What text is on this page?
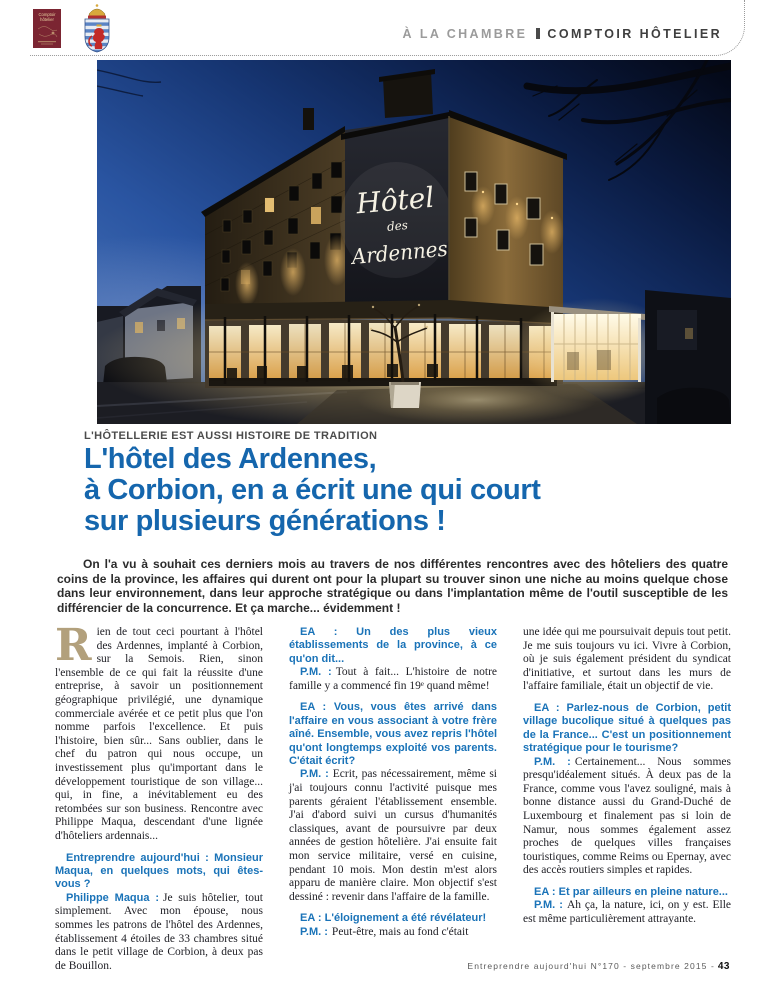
Comptoir
hôtelier
À LA CHAMBRE COMPTOIR HÔTELIER
Hôtel
des
Ardennes
L'HÔTELLERIE EST AUSSI HISTOIRE DE TRADITION
L'hôtel des Ardennes,
à Corbion, en a écrit une qui court
sur plusieurs générations !

On l'a vu à souhait ces derniers mois au travers de nos différentes rencontres avec des hôteliers des quatre coins de la province, les affaires qui durent ont pour la plupart su trouver sinon une niche au moins quelque chose dans leur environnement, dans leur approche stratégique ou dans l'implantation même de l'outil susceptible de les différencier de la concurrence. Et ça marche... évidemment !

Rien de tout ceci pourtant à l'hôtel des Ardennes, implanté à Corbion, sur la Semois. Rien, sinon l'ensemble de ce qui fait la réussite d'une entreprise, à savoir un positionnement géographique privilégié, une dynamique commerciale avérée et ce petit plus que l'on nomme parfois l'excellence. Et puis l'histoire, bien sûr... Sans oublier, dans le chef du patron qui nous occupe, un investissement plus qu'important dans le développement touristique de son village... qui, in fine, a inévitablement eu des retombées sur son business. Rencontre avec Philippe Maqua, descendant d'une lignée d'hôteliers ardennais...

Entreprendre aujourd'hui : Monsieur Maqua, en quelques mots, qui êtes-vous ?

Philippe Maqua : Je suis hôtelier, tout simplement. Avec mon épouse, nous sommes les patrons de l'hôtel des Ardennes, établissement 4 étoiles de 33 chambres situé dans le petit village de Corbion, à deux pas de Bouillon.

EA : Un des plus vieux établissements de la province, à ce qu'on dit...

P.M. : Tout à fait... L'histoire de notre famille y a commencé fin 19ᵉ quand même!

EA : Vous, vous êtes arrivé dans l'affaire en vous associant à votre frère aîné. Ensemble, vous avez repris l'hôtel qu'ont longtemps exploité vos parents. C'était écrit?

P.M. : Ecrit, pas nécessairement, même si j'ai toujours connu l'activité puisque mes parents géraient l'établissement ensemble. J'ai d'abord suivi un cursus d'humanités classiques, avant de poursuivre par deux années de gestion hôtelière. J'ai ensuite fait mon service militaire, versé en cuisine, pendant 10 mois. Mon destin m'est alors apparu de manière claire. Mon objectif s'est dessiné : revenir dans l'affaire de la famille.

EA : L'éloignement a été révélateur!

P.M. : Peut-être, mais au fond c'était

une idée qui me poursuivait depuis tout petit. Je me suis toujours vu ici. Vivre à Corbion, où je suis également président du syndicat d'initiative, et surtout dans les murs de l'affaire familiale, était un objectif de vie.

EA : Parlez-nous de Corbion, petit village bucolique situé à quelques pas de la France... C'est un positionnement stratégique pour le tourisme?

P.M. : Certainement... Nous sommes presqu'idéalement situés. À deux pas de la France, comme vous l'avez souligné, mais à bonne distance aussi du Grand-Duché de Luxembourg et finalement pas si loin de Namur, nous sommes également assez proches de quelques villes françaises touristiques, comme Reims ou Epernay, avec des accès routiers simples et rapides.

EA : Et par ailleurs en pleine nature...

P.M. : Ah ça, la nature, ici, on y est. Elle est même particulièrement attrayante.

Entreprendre aujourd'hui N°170 - septembre 2015 - 43
